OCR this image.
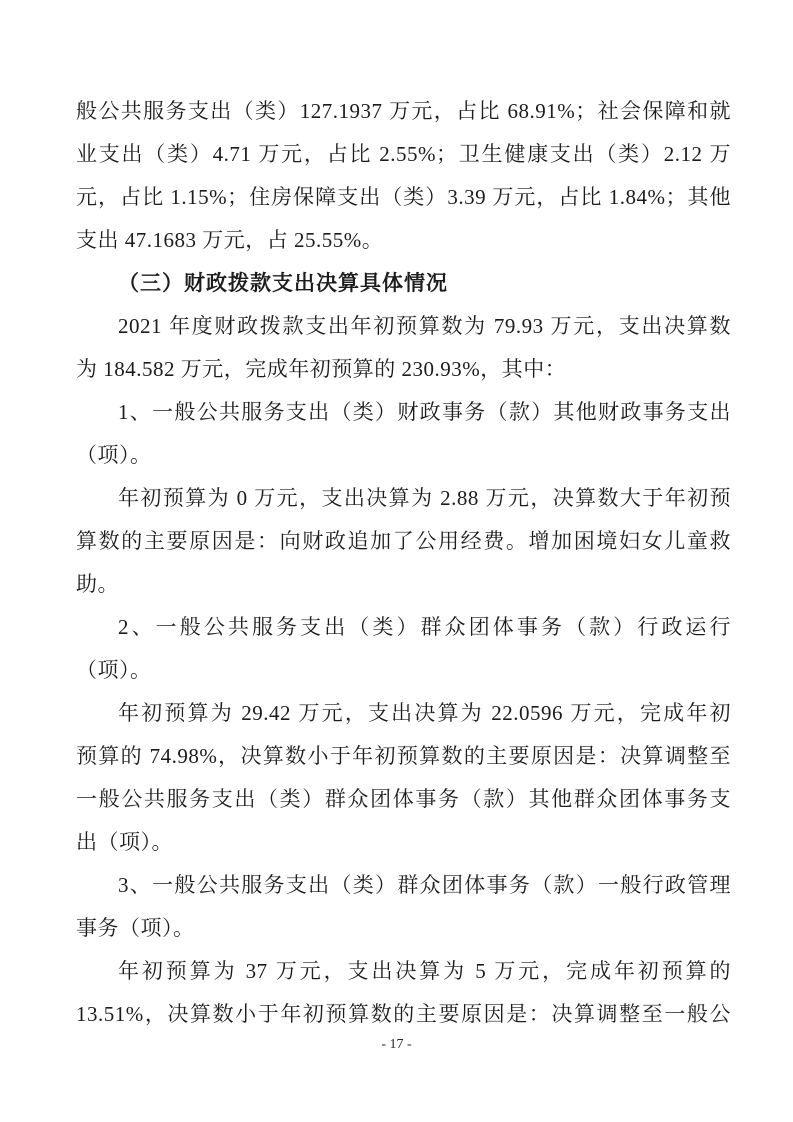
般公共服务支出（类）127.1937 万元，占比 68.91%；社会保障和就
业支出（类）4.71 万元，占比 2.55%；卫生健康支出（类）2.12 万
元，占比 1.15%；住房保障支出（类）3.39 万元，占比 1.84%；其他
支出 47.1683 万元，占 25.55%。
（三）财政拨款支出决算具体情况
2021 年度财政拨款支出年初预算数为 79.93 万元，支出决算数
为 184.582 万元，完成年初预算的 230.93%，其中：
1、一般公共服务支出（类）财政事务（款）其他财政事务支出
（项）。
年初预算为 0 万元，支出决算为 2.88 万元，决算数大于年初预
算数的主要原因是：向财政追加了公用经费。增加困境妇女儿童救
助。
2、一般公共服务支出（类）群众团体事务（款）行政运行
（项）。
年初预算为 29.42 万元，支出决算为 22.0596 万元，完成年初
预算的 74.98%，决算数小于年初预算数的主要原因是：决算调整至
一般公共服务支出（类）群众团体事务（款）其他群众团体事务支
出（项）。
3、一般公共服务支出（类）群众团体事务（款）一般行政管理
事务（项）。
年初预算为 37 万元，支出决算为 5 万元，完成年初预算的
13.51%，决算数小于年初预算数的主要原因是：决算调整至一般公
- 17 -
